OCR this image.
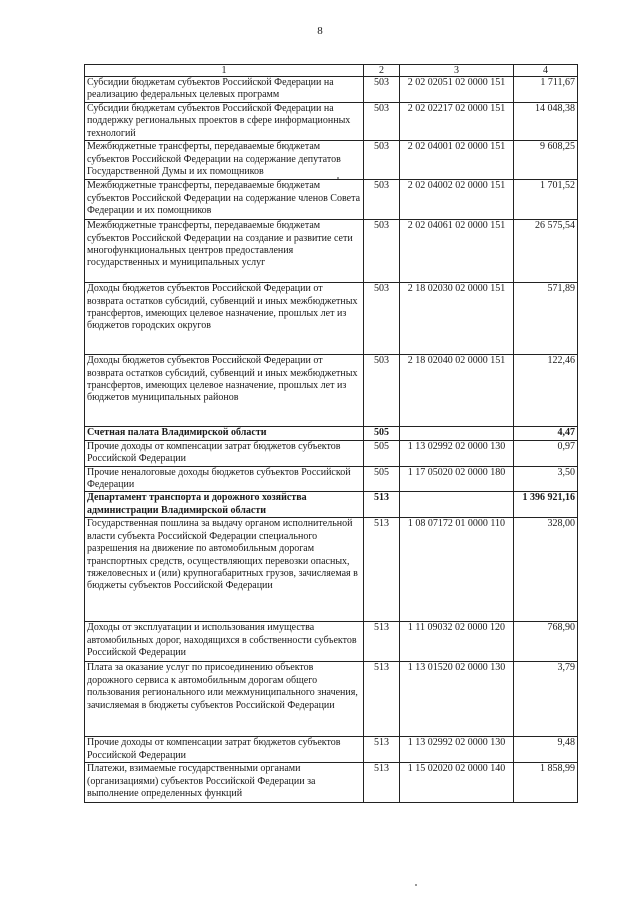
8
1	2	3	4
Субсидии бюджетам субъектов Российской Федерации на реализацию федеральных целевых программ	503	2 02 02051 02 0000 151	1 711,67
Субсидии бюджетам субъектов Российской Федерации на поддержку региональных проектов в сфере информационных технологий	503	2 02 02217 02 0000 151	14 048,38
Межбюджетные трансферты, передаваемые бюджетам субъектов Российской Федерации на содержание депутатов Государственной Думы и их помощников	503	2 02 04001 02 0000 151	9 608,25
Межбюджетные трансферты, передаваемые бюджетам субъектов Российской Федерации на содержание членов Совета Федерации и их помощников	503	2 02 04002 02 0000 151	1 701,52
Межбюджетные трансферты, передаваемые бюджетам субъектов Российской Федерации на создание и развитие сети многофункциональных центров предоставления государственных и муниципальных услуг	503	2 02 04061 02 0000 151	26 575,54
Доходы бюджетов субъектов Российской Федерации от возврата остатков субсидий, субвенций и иных межбюджетных трансфертов, имеющих целевое назначение, прошлых лет из бюджетов городских округов	503	2 18 02030 02 0000 151	571,89
Доходы бюджетов субъектов Российской Федерации от возврата остатков субсидий, субвенций и иных межбюджетных трансфертов, имеющих целевое назначение, прошлых лет из бюджетов муниципальных районов	503	2 18 02040 02 0000 151	122,46
Счетная палата Владимирской области	505		4,47
Прочие доходы от компенсации затрат бюджетов субъектов Российской Федерации	505	1 13 02992 02 0000 130	0,97
Прочие неналоговые доходы бюджетов субъектов Российской Федерации	505	1 17 05020 02 0000 180	3,50
Департамент транспорта и дорожного хозяйства администрации Владимирской области	513		1 396 921,16
Государственная пошлина за выдачу органом исполнительной власти субъекта Российской Федерации специального разрешения на движение по автомобильным дорогам транспортных средств, осуществляющих перевозки опасных, тяжеловесных и (или) крупногабаритных грузов, зачисляемая в бюджеты субъектов Российской Федерации	513	1 08 07172 01 0000 110	328,00
Доходы от эксплуатации и использования имущества автомобильных дорог, находящихся в собственности субъектов Российской Федерации	513	1 11 09032 02 0000 120	768,90
Плата за оказание услуг по присоединению объектов дорожного сервиса к автомобильным дорогам общего пользования регионального или межмуниципального значения, зачисляемая в бюджеты субъектов Российской Федерации	513	1 13 01520 02 0000 130	3,79
Прочие доходы от компенсации затрат бюджетов субъектов Российской Федерации	513	1 13 02992 02 0000 130	9,48
Платежи, взимаемые государственными органами (организациями) субъектов Российской Федерации за выполнение определенных функций	513	1 15 02020 02 0000 140	1 858,99
